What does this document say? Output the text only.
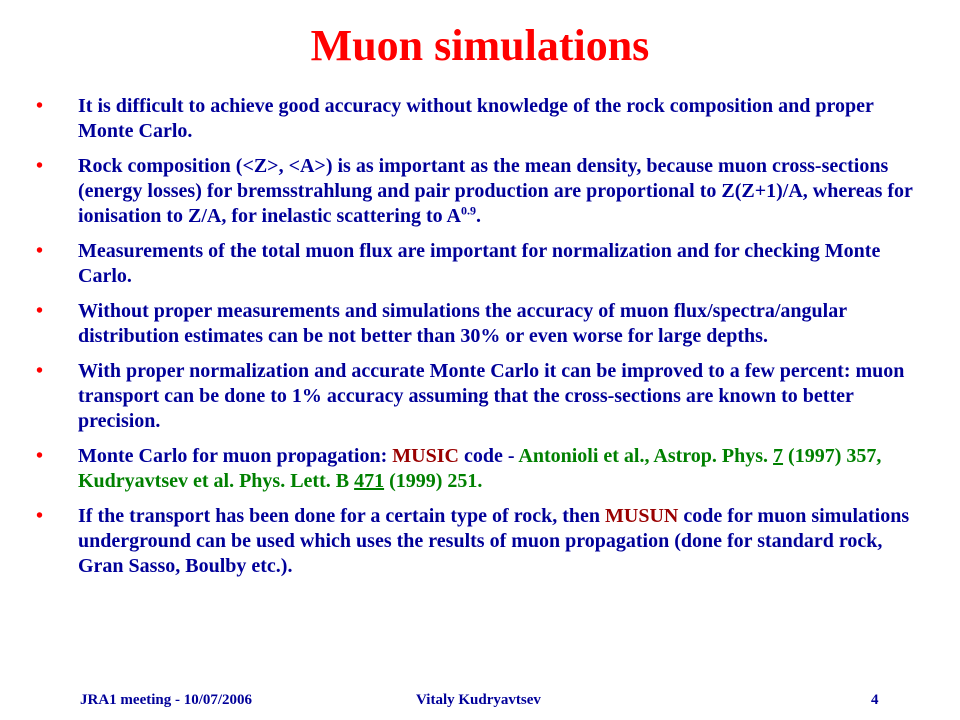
Muon simulations
• It is difficult to achieve good accuracy without knowledge of the rock composition and proper Monte Carlo.
• Rock composition (<Z>, <A>) is as important as the mean density, because muon cross-sections (energy losses) for bremsstrahlung and pair production are proportional to Z(Z+1)/A, whereas for ionisation to Z/A, for inelastic scattering to $A^{0.9}$.
• Measurements of the total muon flux are important for normalization and for checking Monte Carlo.
• Without proper measurements and simulations the accuracy of muon flux/spectra/angular distribution estimates can be not better than 30% or even worse for large depths.
• With proper normalization and accurate Monte Carlo it can be improved to a few percent: muon transport can be done to 1% accuracy assuming that the cross-sections are known to better precision.
• Monte Carlo for muon propagation: MUSIC code - Antonioli et al., Astrop. Phys. 7 (1997) 357, Kudryavtsev et al. Phys. Lett. B 471 (1999) 251.
• If the transport has been done for a certain type of rock, then MUSUN code for muon simulations underground can be used which uses the results of muon propagation (done for standard rock, Gran Sasso, Boulby etc.).
JRA1 meeting - 10/07/2006	Vitaly Kudryavtsev	4
